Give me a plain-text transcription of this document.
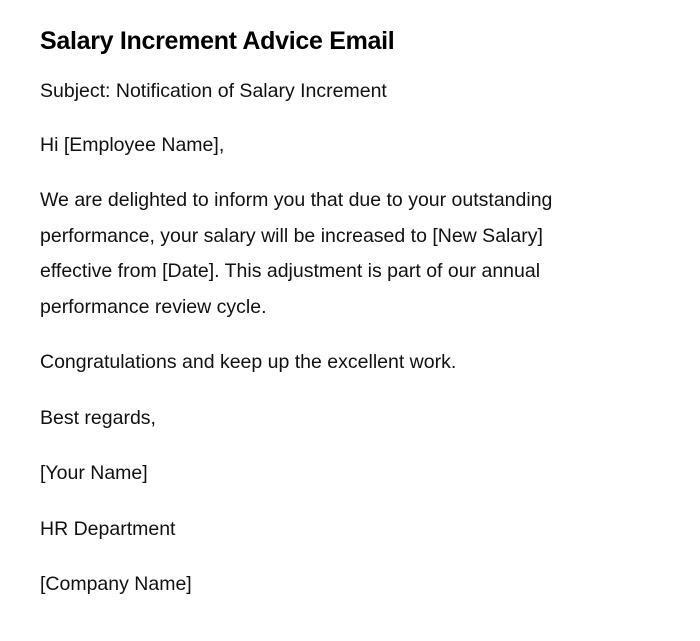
Salary Increment Advice Email

Subject: Notification of Salary Increment

Hi [Employee Name],

We are delighted to inform you that due to your outstanding performance, your salary will be increased to [New Salary] effective from [Date]. This adjustment is part of our annual performance review cycle.

Congratulations and keep up the excellent work.

Best regards,

[Your Name]

HR Department

[Company Name]
